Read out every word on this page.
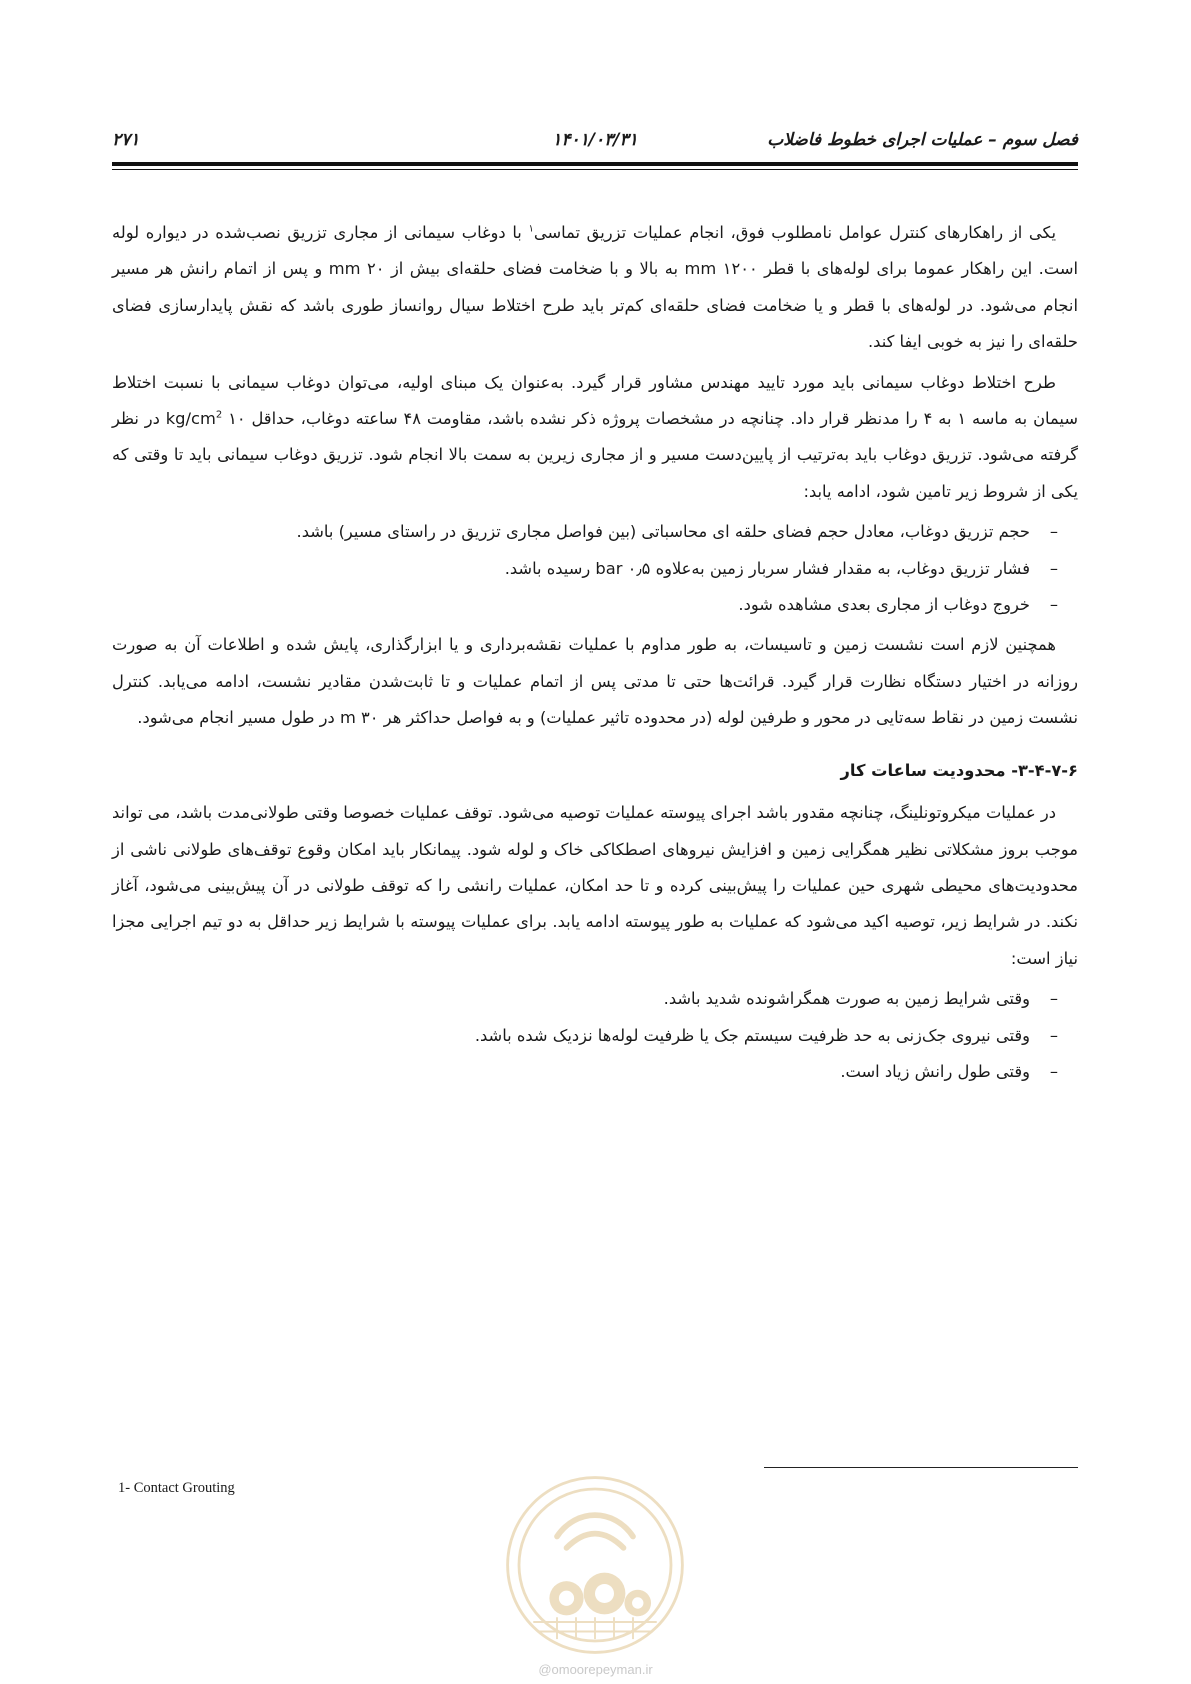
فصل سوم – عملیات اجرای خطوط فاضلاب
۱۴۰۱/۰۳/۳۱
۲۷۱

یکی از راهکارهای کنترل عوامل نامطلوب فوق، انجام عملیات تزریق تماسی$^۱$ با دوغاب سیمانی از مجاری تزریق نصب‌شده در دیواره لوله است. این راهکار عموما برای لوله‌های با قطر ۱۲۰۰ mm به بالا و با ضخامت فضای حلقه‌ای بیش از ۲۰ mm و پس از اتمام رانش هر مسیر انجام می‌شود. در لوله‌های با قطر و یا ضخامت فضای حلقه‌ای کم‌تر باید طرح اختلاط سیال روانساز طوری باشد که نقش پایدارسازی فضای حلقه‌ای را نیز به خوبی ایفا کند.

طرح اختلاط دوغاب سیمانی باید مورد تایید مهندس مشاور قرار گیرد. به‌عنوان یک مبنای اولیه، می‌توان دوغاب سیمانی با نسبت اختلاط سیمان به ماسه ۱ به ۴ را مدنظر قرار داد. چنانچه در مشخصات پروژه ذکر نشده باشد، مقاومت ۴۸ ساعته دوغاب، حداقل ۱۰ $kg/cm^2$ در نظر گرفته می‌شود. تزریق دوغاب باید به‌ترتیب از پایین‌دست مسیر و از مجاری زیرین به سمت بالا انجام شود. تزریق دوغاب سیمانی باید تا وقتی که یکی از شروط زیر تامین شود، ادامه یابد:

–
حجم تزریق دوغاب، معادل حجم فضای حلقه ای محاسباتی (بین فواصل مجاری تزریق در راستای مسیر) باشد.
–
فشار تزریق دوغاب، به مقدار فشار سربار زمین به‌علاوه ۰٫۵ bar رسیده باشد.
–
خروج دوغاب از مجاری بعدی مشاهده شود.

همچنین لازم است نشست زمین و تاسیسات، به طور مداوم با عملیات نقشه‌برداری و یا ابزارگذاری، پایش شده و اطلاعات آن به صورت روزانه در اختیار دستگاه نظارت قرار گیرد. قرائت‌ها حتی تا مدتی پس از اتمام عملیات و تا ثابت‌شدن مقادیر نشست، ادامه می‌یابد. کنترل نشست زمین در نقاط سه‌تایی در محور و طرفین لوله (در محدوده تاثیر عملیات) و به فواصل حداکثر هر ۳۰ m در طول مسیر انجام می‌شود.

۳-۴-۷-۶- محدودیت ساعات کار

در عملیات میکروتونلینگ، چنانچه مقدور باشد اجرای پیوسته عملیات توصیه می‌شود. توقف عملیات خصوصا وقتی طولانی‌مدت باشد، می تواند موجب بروز مشکلاتی نظیر همگرایی زمین و افزایش نیروهای اصطکاکی خاک و لوله شود. پیمانکار باید امکان وقوع توقف‌های طولانی ناشی از محدودیت‌های محیطی شهری حین عملیات را پیش‌بینی کرده و تا حد امکان، عملیات رانشی را که توقف طولانی در آن پیش‌بینی می‌شود، آغاز نکند. در شرایط زیر، توصیه اکید می‌شود که عملیات به طور پیوسته ادامه یابد. برای عملیات پیوسته با شرایط زیر حداقل به دو تیم اجرایی مجزا نیاز است:

–
وقتی شرایط زمین به صورت همگراشونده شدید باشد.
–
وقتی نیروی جک‌زنی به حد ظرفیت سیستم جک یا ظرفیت لوله‌ها نزدیک شده باشد.
–
وقتی طول رانش زیاد است.
1- Contact Grouting
@omoorepeyman.ir
